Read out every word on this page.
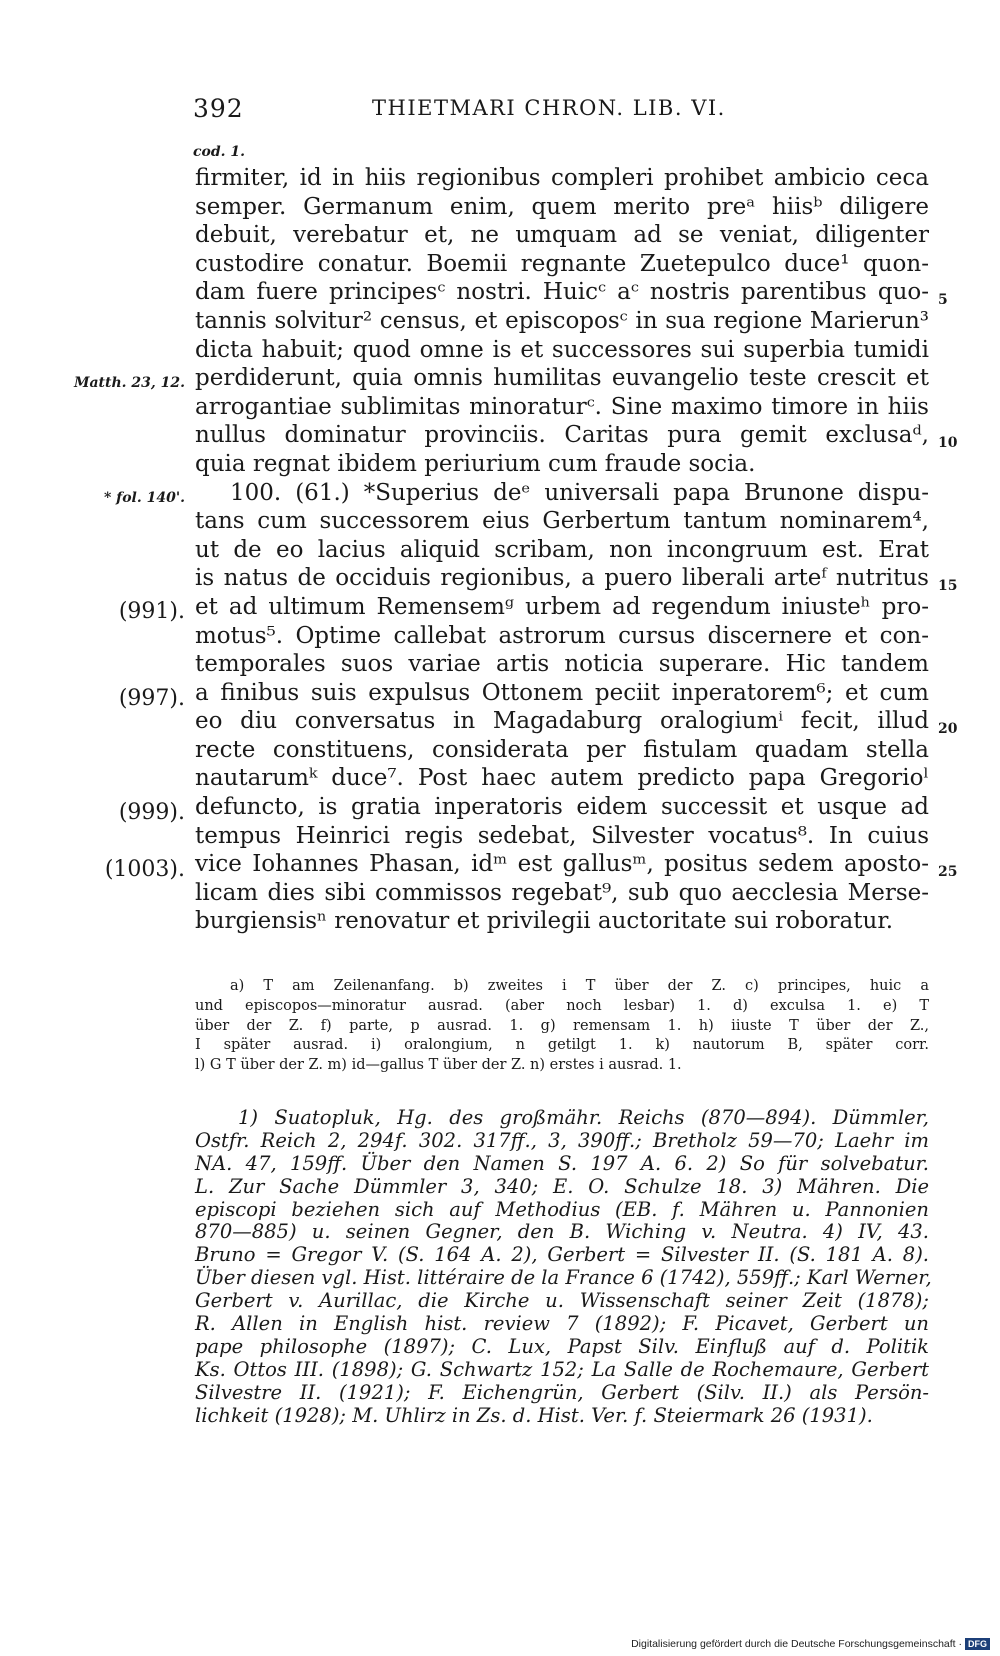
392	THIETMARI CHRON. LIB. VI.
cod. 1.
firmiter, id in hiis regionibus compleri prohibet ambicio ceca
semper. Germanum enim, quem merito preᵃ hiisᵇ diligere
debuit, verebatur et, ne umquam ad se veniat, diligenter
custodire conatur. Boemii regnante Zuetepulco duce¹ quon-
dam fuere principesᶜ nostri. Huicᶜ aᶜ nostris parentibus quo-
tannis solvitur² census, et episcoposᶜ in sua regione Marierun³
dicta habuit; quod omne is et successores sui superbia tumidi
perdiderunt, quia omnis humilitas euvangelio teste crescit et
arrogantiae sublimitas minoraturᶜ. Sine maximo timore in hiis
nullus dominatur provinciis. Caritas pura gemit exclusaᵈ,
quia regnat ibidem periurium cum fraude socia.
100. (61.) *Superius deᵉ universali papa Brunone dispu-
tans cum successorem eius Gerbertum tantum nominarem⁴,
ut de eo lacius aliquid scribam, non incongruum est. Erat
is natus de occiduis regionibus, a puero liberali arteᶠ nutritus
et ad ultimum Remensemᵍ urbem ad regendum iniusteʰ pro-
motus⁵. Optime callebat astrorum cursus discernere et con-
temporales suos variae artis noticia superare. Hic tandem
a finibus suis expulsus Ottonem peciit inperatorem⁶; et cum
eo diu conversatus in Magadaburg oralogiumⁱ fecit, illud
recte constituens, considerata per fistulam quadam stella
nautarumᵏ duce⁷. Post haec autem predicto papa Gregorioˡ
defuncto, is gratia inperatoris eidem successit et usque ad
tempus Heinrici regis sedebat, Silvester vocatus⁸. In cuius
vice Iohannes Phasan, idᵐ est gallusᵐ, positus sedem aposto-
licam dies sibi commissos regebat⁹, sub quo aecclesia Merse-
burgiensisⁿ renovatur et privilegii auctoritate sui roboratur.
Matth. 23, 12.
* fol. 140'.
(991).
(997).
(999).
(1003).
5
10
15
20
25
a) T am Zeilenanfang. b) zweites i T über der Z. c) principes, huic a
und episcopos—minoratur ausrad. (aber noch lesbar) 1. d) exculsa 1. e) T
über der Z. f) parte, p ausrad. 1. g) remensam 1. h) iiuste T über der Z.,
I später ausrad. i) oralongium, n getilgt 1. k) nautorum B, später corr.
l) G T über der Z. m) id—gallus T über der Z. n) erstes i ausrad. 1.
1) Suatopluk, Hg. des großmähr. Reichs (870—894). Dümmler,
Ostfr. Reich 2, 294f. 302. 317ff., 3, 390ff.; Bretholz 59—70; Laehr im
NA. 47, 159ff. Über den Namen S. 197 A. 6. 2) So für solvebatur.
L. Zur Sache Dümmler 3, 340; E. O. Schulze 18. 3) Mähren. Die
episcopi beziehen sich auf Methodius (EB. f. Mähren u. Pannonien
870—885) u. seinen Gegner, den B. Wiching v. Neutra. 4) IV, 43.
Bruno = Gregor V. (S. 164 A. 2), Gerbert = Silvester II. (S. 181 A. 8).
Über diesen vgl. Hist. littéraire de la France 6 (1742), 559ff.; Karl Werner,
Gerbert v. Aurillac, die Kirche u. Wissenschaft seiner Zeit (1878);
R. Allen in English hist. review 7 (1892); F. Picavet, Gerbert un
pape philosophe (1897); C. Lux, Papst Silv. Einfluß auf d. Politik
Ks. Ottos III. (1898); G. Schwartz 152; La Salle de Rochemaure, Gerbert
Silvestre II. (1921); F. Eichengrün, Gerbert (Silv. II.) als Persön-
lichkeit (1928); M. Uhlirz in Zs. d. Hist. Ver. f. Steiermark 26 (1931).
Digitalisierung gefördert durch die Deutsche Forschungsgemeinschaft · DFG
